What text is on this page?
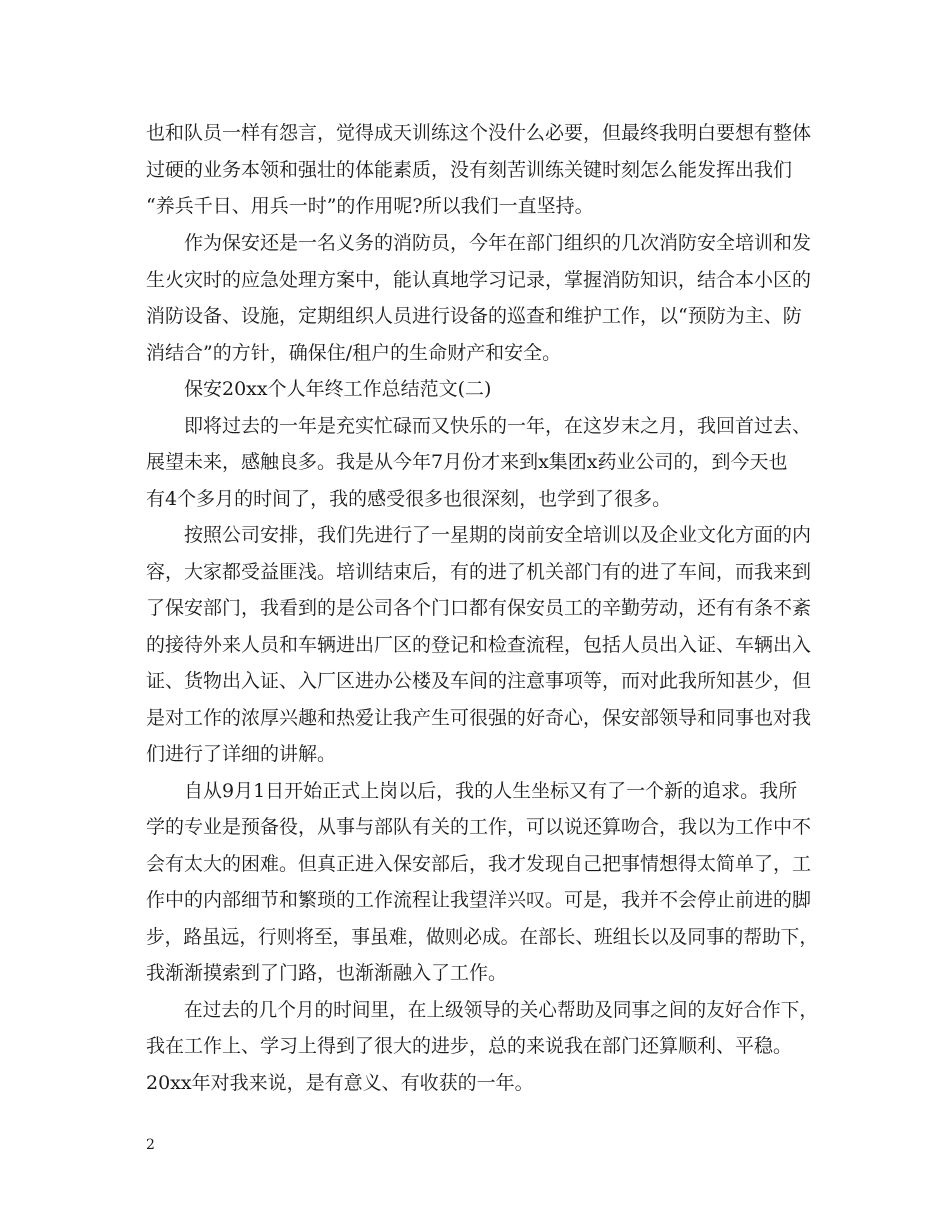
也和队员一样有怨言，觉得成天训练这个没什么必要，但最终我明白要想有整体

过硬的业务本领和强壮的体能素质，没有刻苦训练关键时刻怎么能发挥出我们

“养兵千日、用兵一时”的作用呢?所以我们一直坚持。

作为保安还是一名义务的消防员，今年在部门组织的几次消防安全培训和发

生火灾时的应急处理方案中，能认真地学习记录，掌握消防知识，结合本小区的

消防设备、设施，定期组织人员进行设备的巡查和维护工作，以“预防为主、防

消结合”的方针，确保住/租户的生命财产和安全。

保安20xx个人年终工作总结范文(二)

即将过去的一年是充实忙碌而又快乐的一年，在这岁末之月，我回首过去、

展望未来，感触良多。我是从今年7月份才来到x集团x药业公司的，到今天也

有4个多月的时间了，我的感受很多也很深刻，也学到了很多。

按照公司安排，我们先进行了一星期的岗前安全培训以及企业文化方面的内

容，大家都受益匪浅。培训结束后，有的进了机关部门有的进了车间，而我来到

了保安部门，我看到的是公司各个门口都有保安员工的辛勤劳动，还有有条不紊

的接待外来人员和车辆进出厂区的登记和检查流程，包括人员出入证、车辆出入

证、货物出入证、入厂区进办公楼及车间的注意事项等，而对此我所知甚少，但

是对工作的浓厚兴趣和热爱让我产生可很强的好奇心，保安部领导和同事也对我

们进行了详细的讲解。

自从9月1日开始正式上岗以后，我的人生坐标又有了一个新的追求。我所

学的专业是预备役，从事与部队有关的工作，可以说还算吻合，我以为工作中不

会有太大的困难。但真正进入保安部后，我才发现自己把事情想得太简单了，工

作中的内部细节和繁琐的工作流程让我望洋兴叹。可是，我并不会停止前进的脚

步，路虽远，行则将至，事虽难，做则必成。在部长、班组长以及同事的帮助下，

我渐渐摸索到了门路，也渐渐融入了工作。

在过去的几个月的时间里，在上级领导的关心帮助及同事之间的友好合作下，

我在工作上、学习上得到了很大的进步，总的来说我在部门还算顺利、平稳。

20xx年对我来说，是有意义、有收获的一年。

2
